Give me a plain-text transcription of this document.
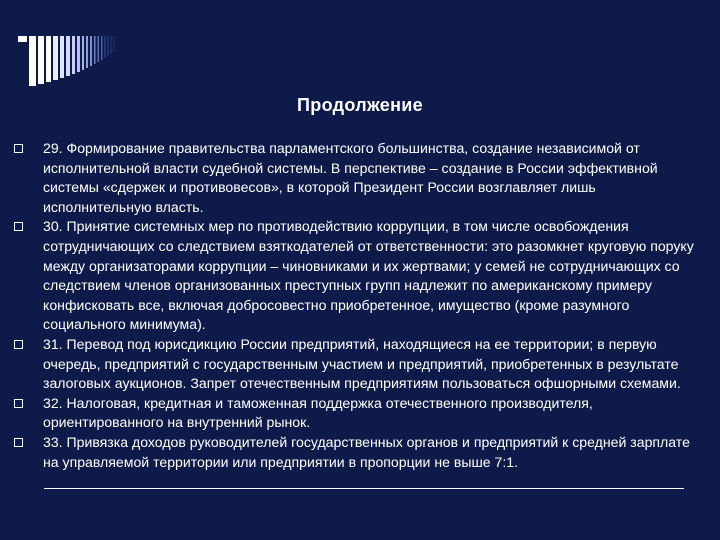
Продолжение
29. Формирование правительства парламентского большинства, создание независимой от исполнительной власти судебной системы. В перспективе – создание в России эффективной системы «сдержек и противовесов», в которой Президент России возглавляет лишь исполнительную власть.
30. Принятие системных мер по противодействию коррупции, в том числе освобождения сотрудничающих со следствием взяткодателей от ответственности: это разомкнет круговую поруку между организаторами коррупции – чиновниками и их жертвами; у семей не сотрудничающих со следствием членов организованных преступных групп надлежит по американскому примеру конфисковать все, включая добросовестно приобретенное, имущество (кроме разумного социального минимума).
31. Перевод под юрисдикцию России предприятий, находящиеся на ее территории; в первую очередь, предприятий с государственным участием и предприятий, приобретенных в результате залоговых аукционов. Запрет отечественным предприятиям пользоваться офшорными схемами.
32. Налоговая, кредитная и таможенная поддержка отечественного производителя, ориентированного на внутренний рынок.
33. Привязка доходов руководителей государственных органов и предприятий к средней зарплате на управляемой территории или предприятии в пропорции не выше 7:1.
